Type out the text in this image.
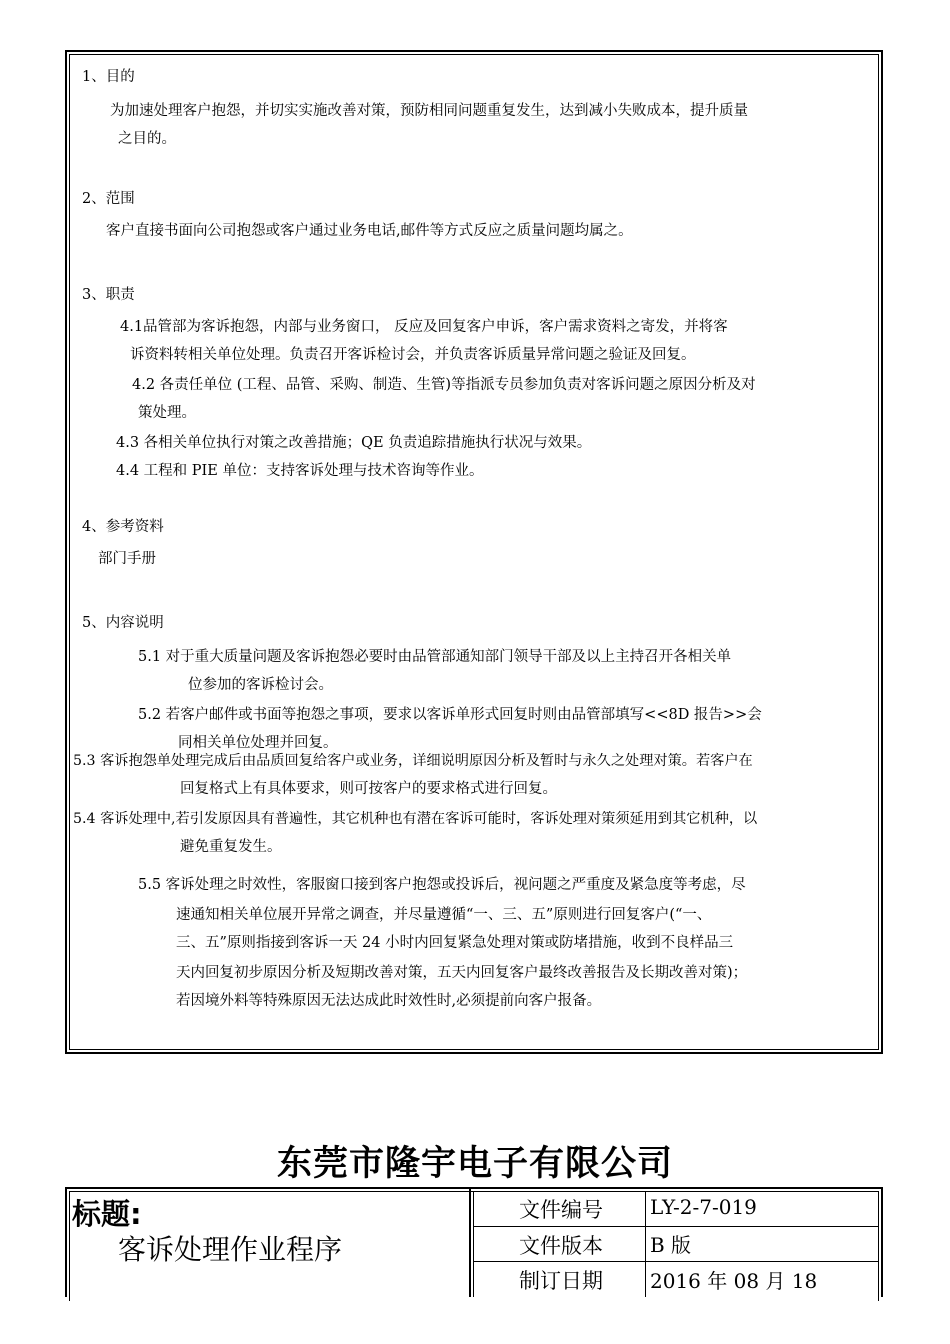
1、目的
为加速处理客户抱怨，并切实实施改善对策，预防相同问题重复发生，达到减小失败成本，提升质量
之目的。
2、范围
客户直接书面向公司抱怨或客户通过业务电话,邮件等方式反应之质量问题均属之。
3、职责
4.1品管部为客诉抱怨，内部与业务窗口， 反应及回复客户申诉，客户需求资料之寄发，并将客
诉资料转相关单位处理。负责召开客诉检讨会，并负责客诉质量异常问题之验证及回复。
4.2 各责任单位 (工程、品管、采购、制造、生管)等指派专员参加负责对客诉问题之原因分析及对
策处理。
4.3 各相关单位执行对策之改善措施；QE 负责追踪措施执行状况与效果。
4.4 工程和 PIE 单位：支持客诉处理与技术咨询等作业。
4、参考资料
部门手册
5、内容说明
5.1 对于重大质量问题及客诉抱怨必要时由品管部通知部门领导干部及以上主持召开各相关单
位参加的客诉检讨会。
5.2 若客户邮件或书面等抱怨之事项，要求以客诉单形式回复时则由品管部填写<<8D 报告>>会
同相关单位处理并回复。
5.3 客诉抱怨单处理完成后由品质回复给客户或业务，详细说明原因分析及暂时与永久之处理对策。若客户在
回复格式上有具体要求，则可按客户的要求格式进行回复。
5.4 客诉处理中,若引发原因具有普遍性，其它机种也有潜在客诉可能时，客诉处理对策须延用到其它机种，以
避免重复发生。
5.5 客诉处理之时效性，客服窗口接到客户抱怨或投诉后，视问题之严重度及紧急度等考虑，尽
速通知相关单位展开异常之调查，并尽量遵循“一、三、五”原则进行回复客户(“一、
三、五”原则指接到客诉一天 24 小时内回复紧急处理对策或防堵措施，收到不良样品三
天内回复初步原因分析及短期改善对策，五天内回复客户最终改善报告及长期改善对策)；
若因境外料等特殊原因无法达成此时效性时,必须提前向客户报备。
东莞市隆宇电子有限公司
标题:
客诉处理作业程序
文件编号 LY-2-7-019
文件版本 B 版
制订日期 2016 年 08 月 18
